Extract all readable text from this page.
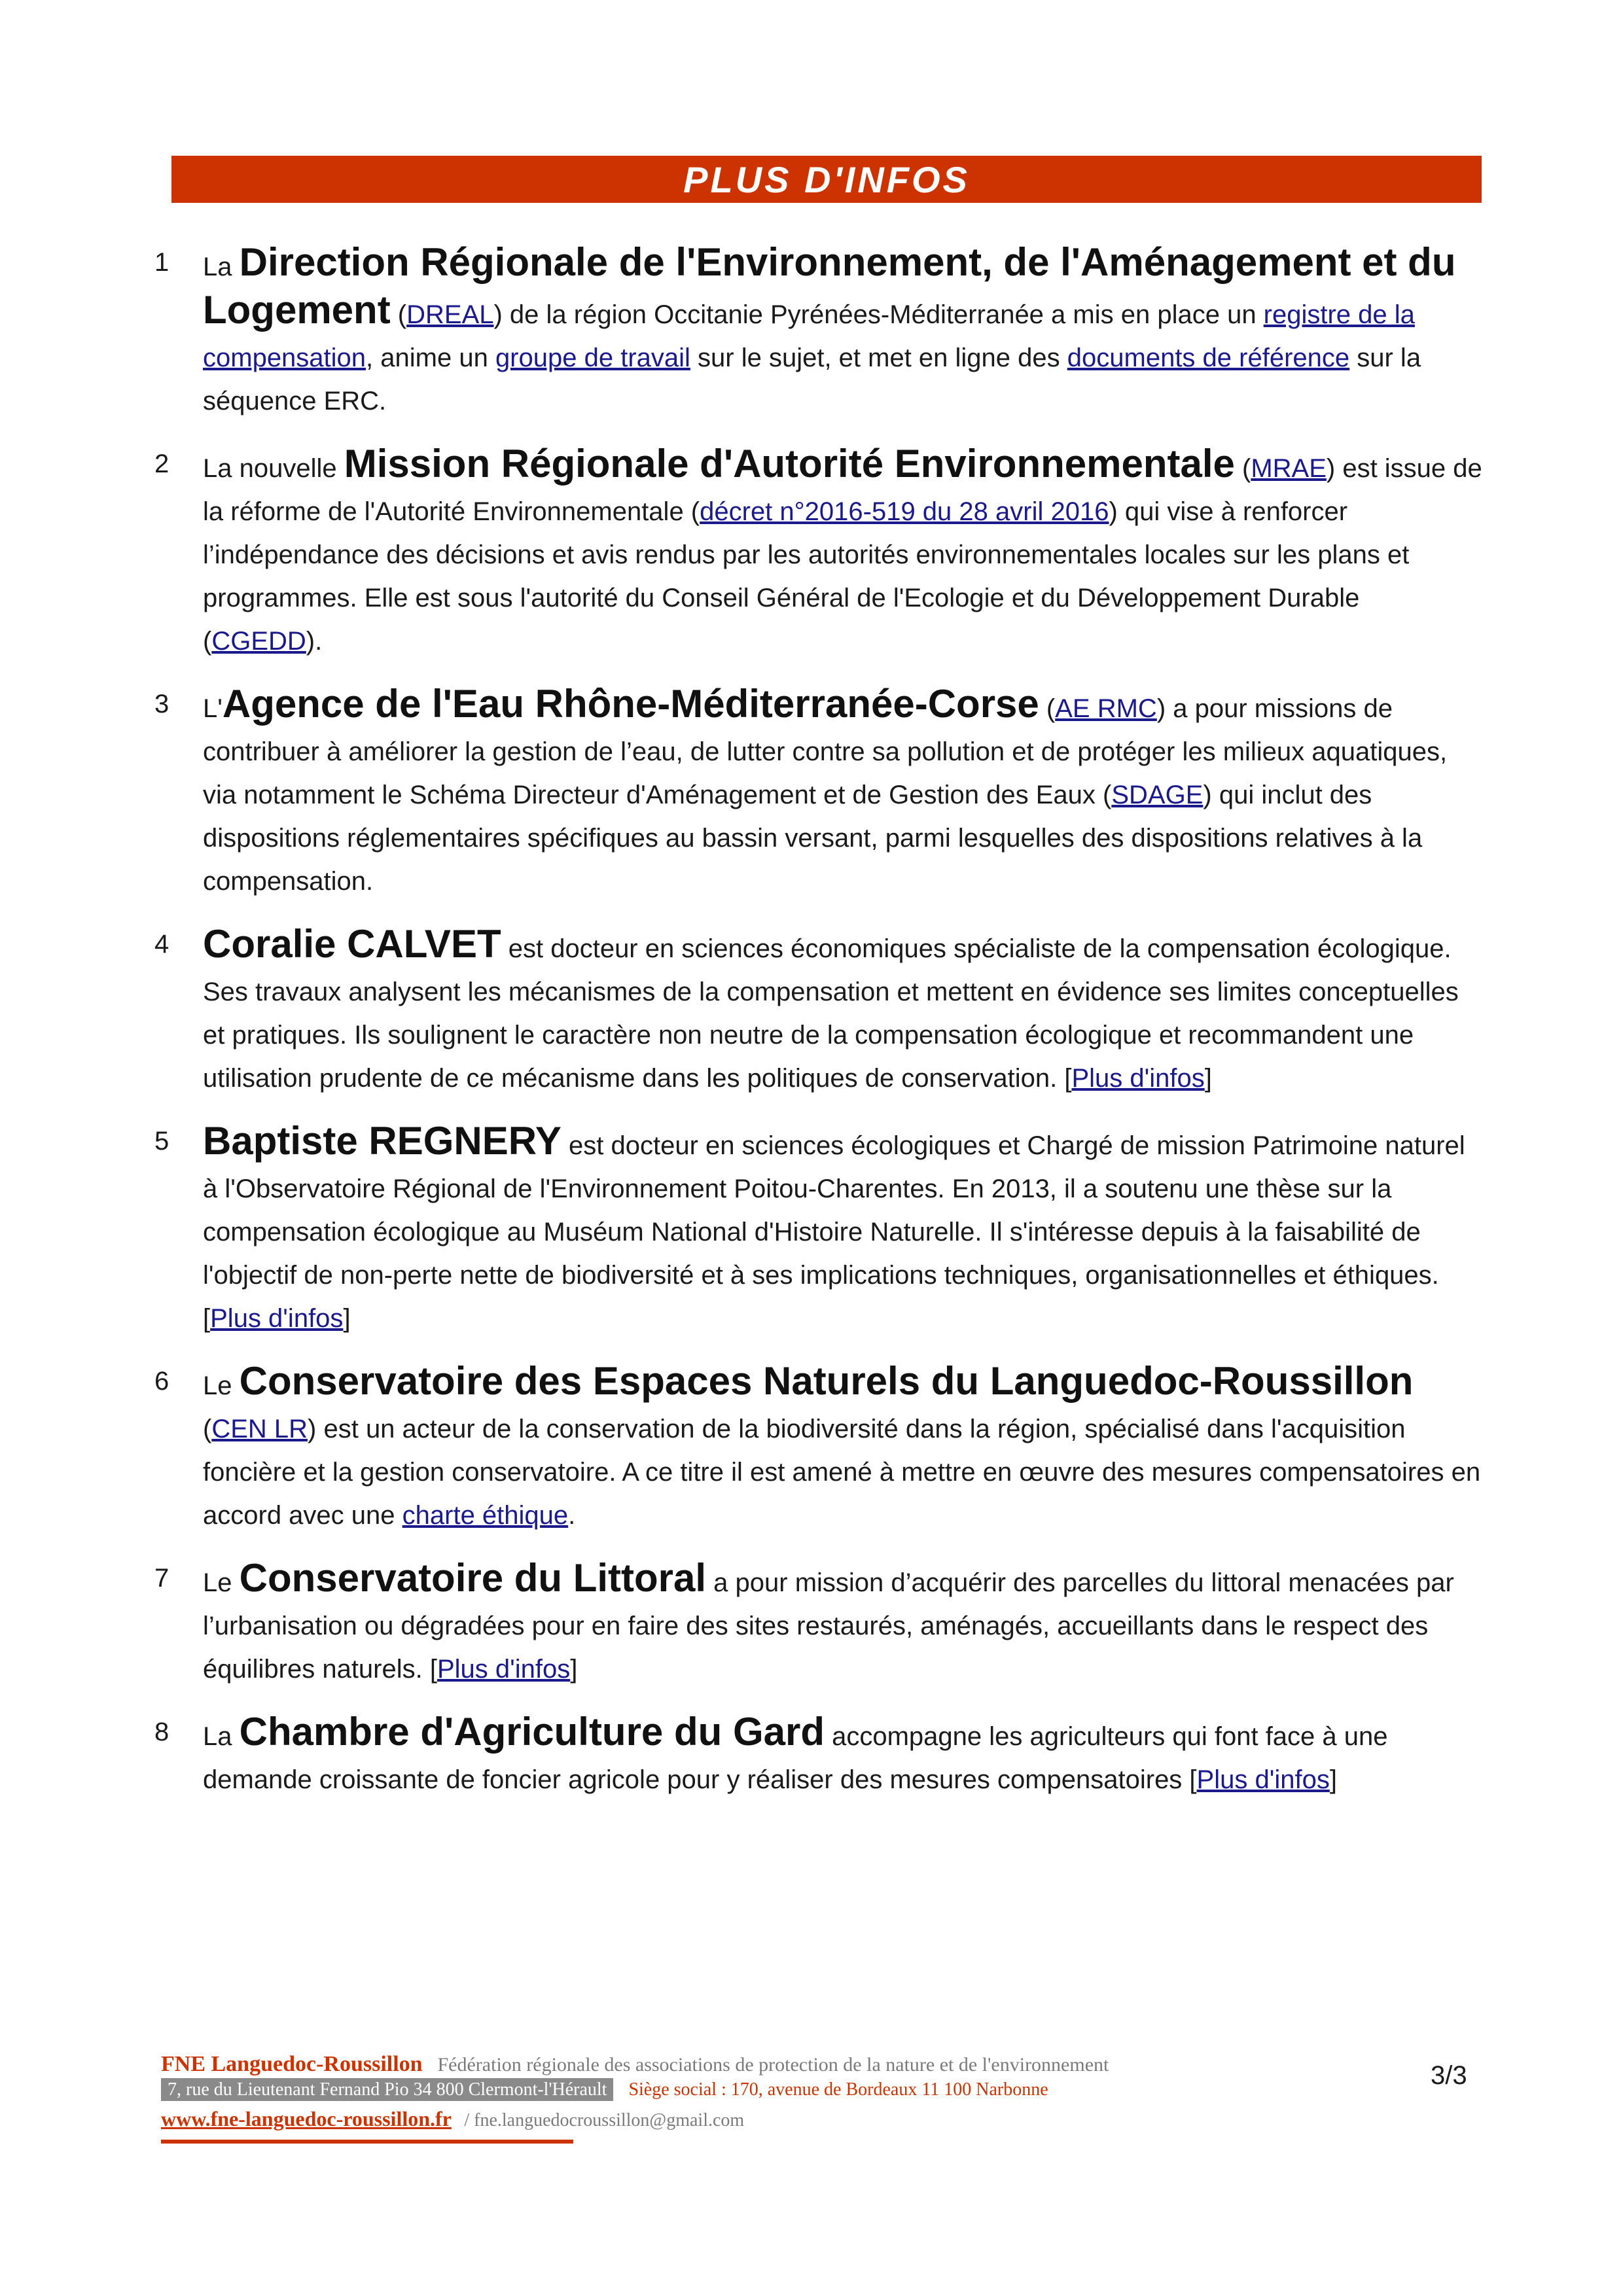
PLUS D'INFOS
1	La Direction Régionale de l'Environnement, de l'Aménagement et du Logement (DREAL) de la région Occitanie Pyrénées-Méditerranée a mis en place un registre de la compensation, anime un groupe de travail sur le sujet, et met en ligne des documents de référence sur la séquence ERC.

2	La nouvelle Mission Régionale d'Autorité Environnementale (MRAE) est issue de la réforme de l'Autorité Environnementale (décret n°2016-519 du 28 avril 2016) qui vise à renforcer l’indépendance des décisions et avis rendus par les autorités environnementales locales sur les plans et programmes. Elle est sous l'autorité du Conseil Général de l'Ecologie et du Développement Durable (CGEDD).

3	L'Agence de l'Eau Rhône-Méditerranée-Corse (AE RMC) a pour missions de contribuer à améliorer la gestion de l’eau, de lutter contre sa pollution et de protéger les milieux aquatiques, via notamment le Schéma Directeur d'Aménagement et de Gestion des Eaux (SDAGE) qui inclut des dispositions réglementaires spécifiques au bassin versant, parmi lesquelles des dispositions relatives à la compensation.

4 Coralie CALVET est docteur en sciences économiques spécialiste de la compensation écologique. Ses travaux analysent les mécanismes de la compensation et mettent en évidence ses limites conceptuelles et pratiques. Ils soulignent le caractère non neutre de la compensation écologique et recommandent une utilisation prudente de ce mécanisme dans les politiques de conservation. [Plus d'infos]

5 Baptiste REGNERY est docteur en sciences écologiques et Chargé de mission Patrimoine naturel à l'Observatoire Régional de l'Environnement Poitou-Charentes. En 2013, il a soutenu une thèse sur la compensation écologique au Muséum National d'Histoire Naturelle. Il s'intéresse depuis à la faisabilité de l'objectif de non-perte nette de biodiversité et à ses implications techniques, organisationnelles et éthiques. [Plus d'infos]

6	Le Conservatoire des Espaces Naturels du Languedoc-Roussillon (CEN LR) est un acteur de la conservation de la biodiversité dans la région, spécialisé dans l'acquisition foncière et la gestion conservatoire. A ce titre il est amené à mettre en œuvre des mesures compensatoires en accord avec une charte éthique.

7	Le Conservatoire du Littoral a pour mission d’acquérir des parcelles du littoral menacées par l’urbanisation ou dégradées pour en faire des sites restaurés, aménagés, accueillants dans le respect des équilibres naturels. [Plus d'infos]

8	La Chambre d'Agriculture du Gard accompagne les agriculteurs qui font face à une demande croissante de foncier agricole pour y réaliser des mesures compensatoires [Plus d'infos]

FNE Languedoc-Roussillon Fédération régionale des associations de protection de la nature et de l'environnement
7, rue du Lieutenant Fernand Pio 34 800 Clermont-l'Hérault Siège social : 170, avenue de Bordeaux 11 100 Narbonne
www.fne-languedoc-roussillon.fr / fne.languedocroussillon@gmail.com
3/3
